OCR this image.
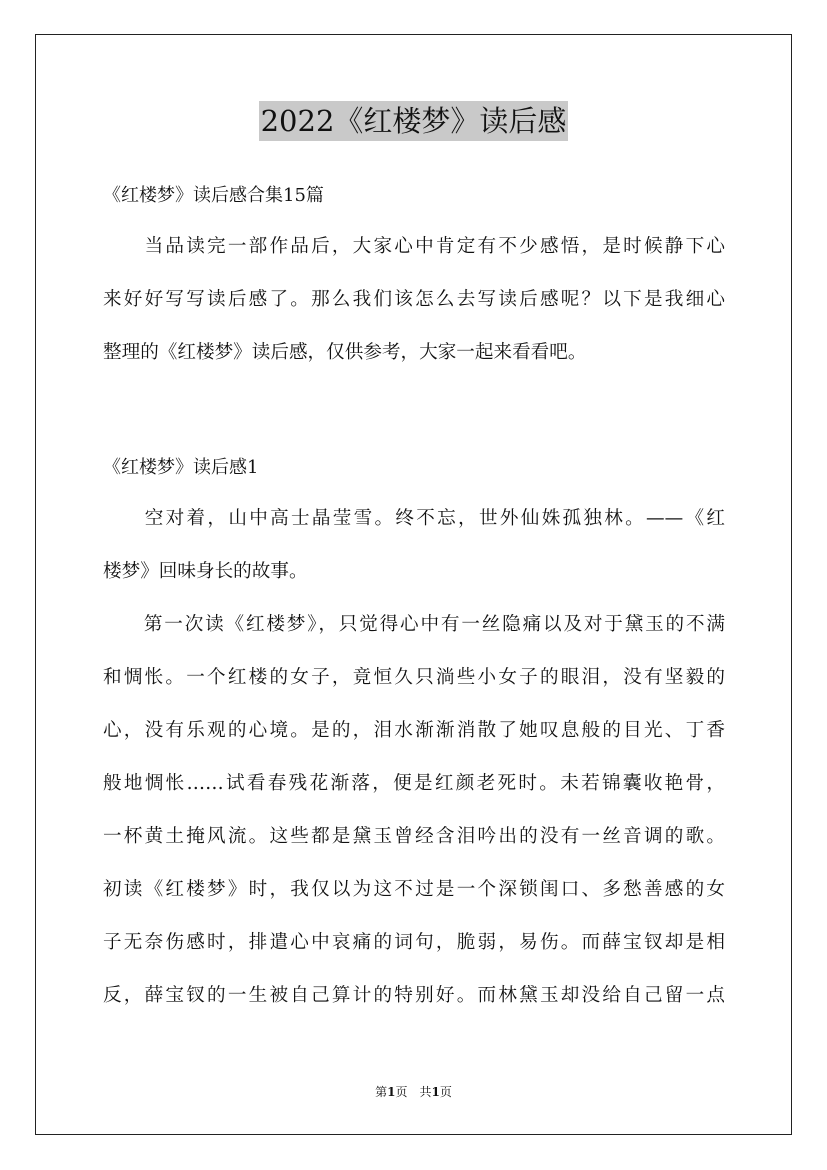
2022《红楼梦》读后感
《红楼梦》读后感合集15篇
　　当品读完一部作品后，大家心中肯定有不少感悟，是时候静下心
来好好写写读后感了。那么我们该怎么去写读后感呢？以下是我细心
整理的《红楼梦》读后感，仅供参考，大家一起来看看吧。
《红楼梦》读后感1
　　空对着，山中高士晶莹雪。终不忘，世外仙姝孤独林。——《红
楼梦》回味身长的故事。
　　第一次读《红楼梦》，只觉得心中有一丝隐痛以及对于黛玉的不满
和惆怅。一个红楼的女子，竟恒久只淌些小女子的眼泪，没有坚毅的
心，没有乐观的心境。是的，泪水渐渐消散了她叹息般的目光、丁香
般地惆怅……试看春残花渐落，便是红颜老死时。未若锦囊收艳骨，
一杯黄土掩风流。这些都是黛玉曾经含泪吟出的没有一丝音调的歌。
初读《红楼梦》时，我仅以为这不过是一个深锁闺口、多愁善感的女
子无奈伤感时，排遣心中哀痛的词句，脆弱，易伤。而薛宝钗却是相
反，薛宝钗的一生被自己算计的特别好。而林黛玉却没给自己留一点
第1页　共1页
